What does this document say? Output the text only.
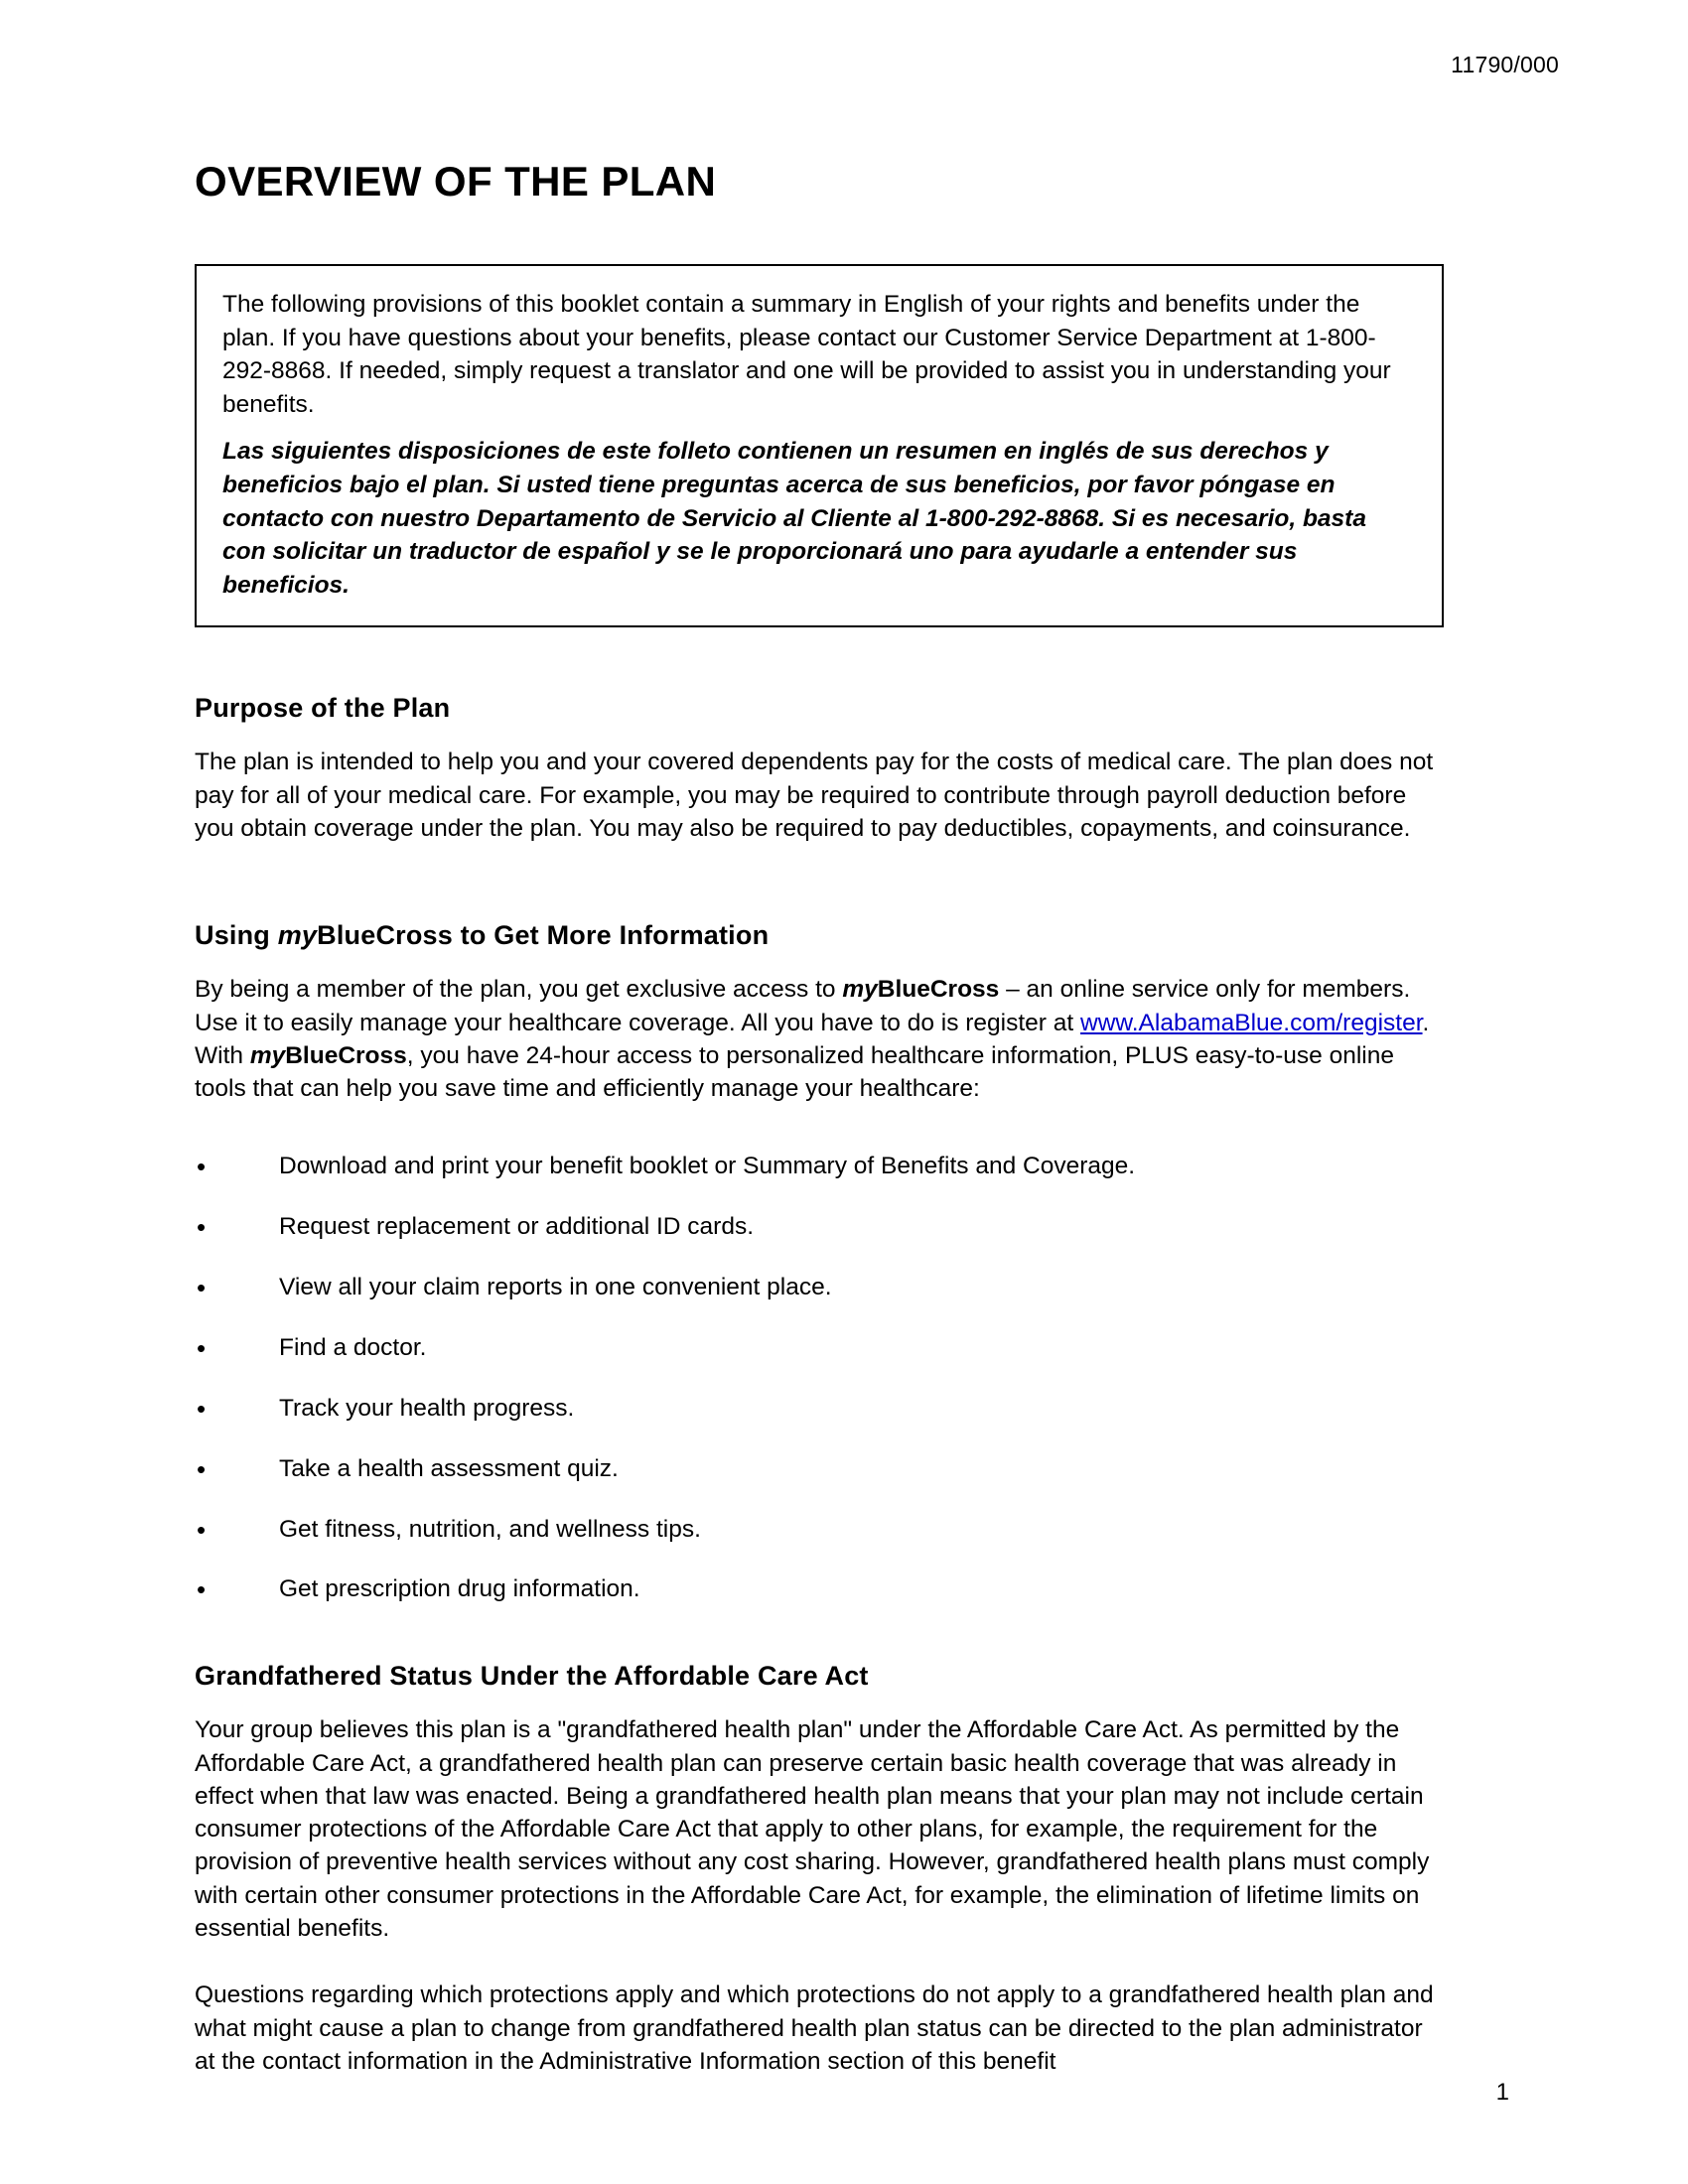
11790/000
OVERVIEW OF THE PLAN

The following provisions of this booklet contain a summary in English of your rights and benefits under the plan. If you have questions about your benefits, please contact our Customer Service Department at 1-800-292-8868. If needed, simply request a translator and one will be provided to assist you in understanding your benefits.

Las siguientes disposiciones de este folleto contienen un resumen en inglés de sus derechos y beneficios bajo el plan. Si usted tiene preguntas acerca de sus beneficios, por favor póngase en contacto con nuestro Departamento de Servicio al Cliente al 1-800-292-8868. Si es necesario, basta con solicitar un traductor de español y se le proporcionará uno para ayudarle a entender sus beneficios.

Purpose of the Plan

The plan is intended to help you and your covered dependents pay for the costs of medical care. The plan does not pay for all of your medical care. For example, you may be required to contribute through payroll deduction before you obtain coverage under the plan. You may also be required to pay deductibles, copayments, and coinsurance.

Using myBlueCross to Get More Information

By being a member of the plan, you get exclusive access to myBlueCross – an online service only for members. Use it to easily manage your healthcare coverage. All you have to do is register at www.AlabamaBlue.com/register. With myBlueCross, you have 24-hour access to personalized healthcare information, PLUS easy-to-use online tools that can help you save time and efficiently manage your healthcare:

•	Download and print your benefit booklet or Summary of Benefits and Coverage.
•	Request replacement or additional ID cards.
•	View all your claim reports in one convenient place.
•	Find a doctor.
•	Track your health progress.
•	Take a health assessment quiz.
•	Get fitness, nutrition, and wellness tips.
•	Get prescription drug information.
Grandfathered Status Under the Affordable Care Act

Your group believes this plan is a "grandfathered health plan" under the Affordable Care Act. As permitted by the Affordable Care Act, a grandfathered health plan can preserve certain basic health coverage that was already in effect when that law was enacted. Being a grandfathered health plan means that your plan may not include certain consumer protections of the Affordable Care Act that apply to other plans, for example, the requirement for the provision of preventive health services without any cost sharing. However, grandfathered health plans must comply with certain other consumer protections in the Affordable Care Act, for example, the elimination of lifetime limits on essential benefits.

Questions regarding which protections apply and which protections do not apply to a grandfathered health plan and what might cause a plan to change from grandfathered health plan status can be directed to the plan administrator at the contact information in the Administrative Information section of this benefit

1
